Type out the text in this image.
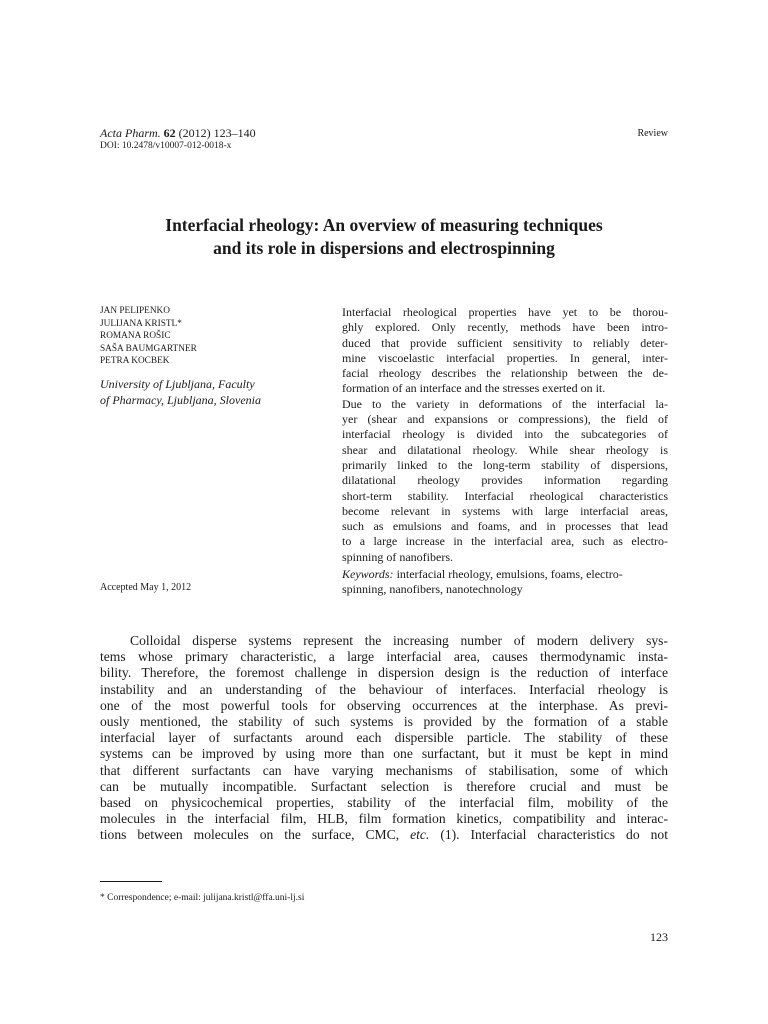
Acta Pharm. 62 (2012) 123–140
DOI: 10.2478/v10007-012-0018-x
Review
Interfacial rheology: An overview of measuring techniques
and its role in dispersions and electrospinning
JAN PELIPENKO
JULIJANA KRISTL*
ROMANA ROŠIC
SAŠA BAUMGARTNER
PETRA KOCBEK
University of Ljubljana, Faculty
of Pharmacy, Ljubljana, Slovenia
Accepted May 1, 2012
Interfacial rheological properties have yet to be thorou-
ghly explored. Only recently, methods have been intro-
duced that provide sufficient sensitivity to reliably deter-
mine viscoelastic interfacial properties. In general, inter-
facial rheology describes the relationship between the de-
formation of an interface and the stresses exerted on it.
Due to the variety in deformations of the interfacial la-
yer (shear and expansions or compressions), the field of
interfacial rheology is divided into the subcategories of
shear and dilatational rheology. While shear rheology is
primarily linked to the long-term stability of dispersions,
dilatational rheology provides information regarding
short-term stability. Interfacial rheological characteristics
become relevant in systems with large interfacial areas,
such as emulsions and foams, and in processes that lead
to a large increase in the interfacial area, such as electro-
spinning of nanofibers.
Keywords: interfacial rheology, emulsions, foams, electro-
spinning, nanofibers, nanotechnology
Colloidal disperse systems represent the increasing number of modern delivery sys-
tems whose primary characteristic, a large interfacial area, causes thermodynamic insta-
bility. Therefore, the foremost challenge in dispersion design is the reduction of interface
instability and an understanding of the behaviour of interfaces. Interfacial rheology is
one of the most powerful tools for observing occurrences at the interphase. As previ-
ously mentioned, the stability of such systems is provided by the formation of a stable
interfacial layer of surfactants around each dispersible particle. The stability of these
systems can be improved by using more than one surfactant, but it must be kept in mind
that different surfactants can have varying mechanisms of stabilisation, some of which
can be mutually incompatible. Surfactant selection is therefore crucial and must be
based on physicochemical properties, stability of the interfacial film, mobility of the
molecules in the interfacial film, HLB, film formation kinetics, compatibility and interac-
tions between molecules on the surface, CMC, etc. (1). Interfacial characteristics do not
* Correspondence; e-mail: julijana.kristl@ffa.uni-lj.si
123
